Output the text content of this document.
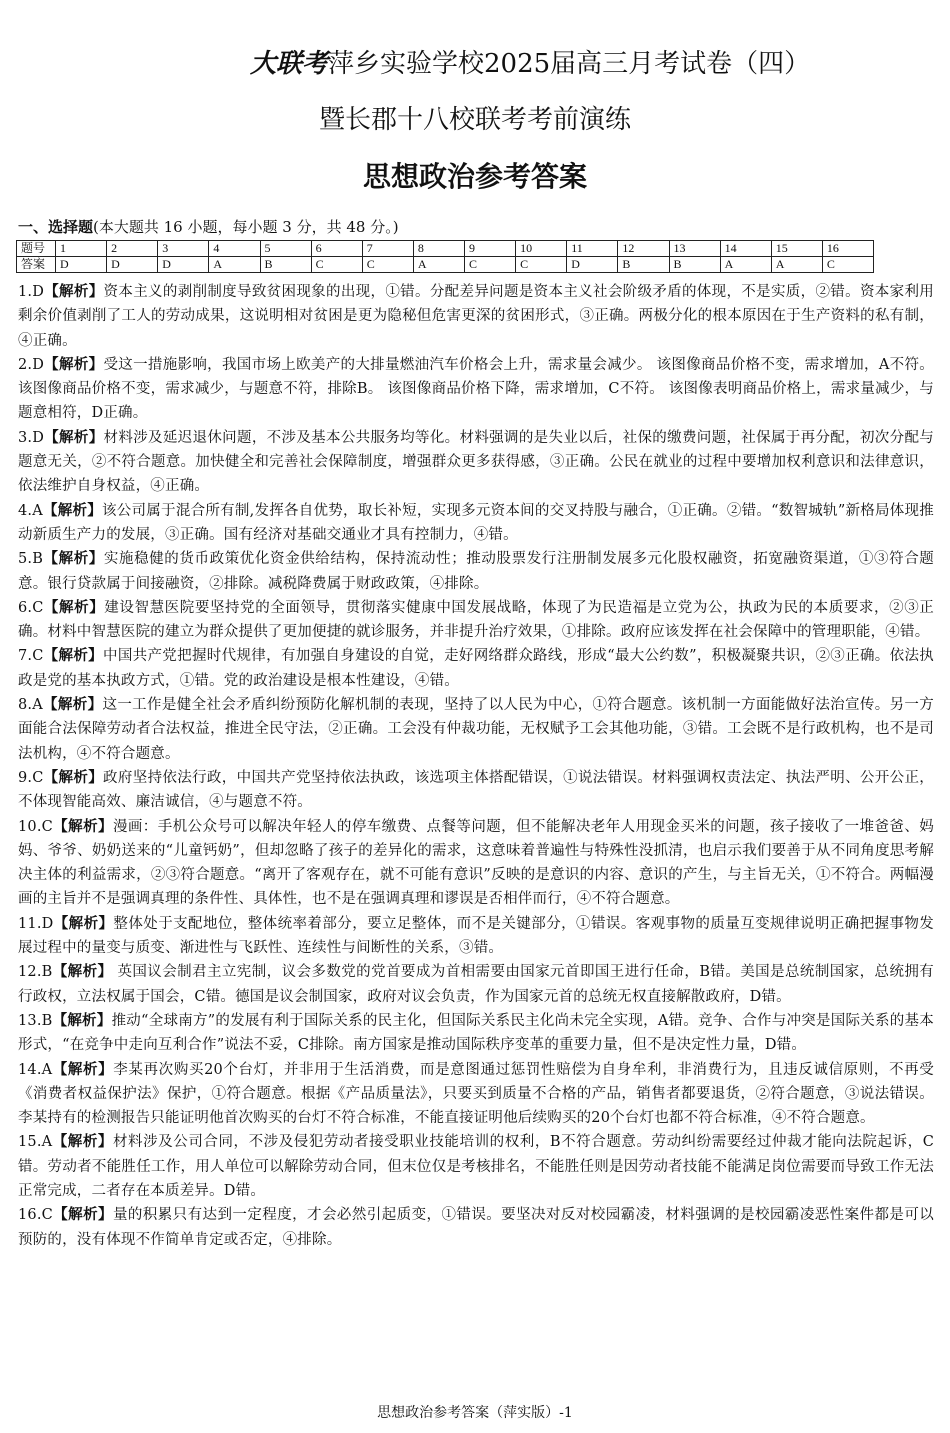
大联考萍乡实验学校2025届高三月考试卷（四）
暨长郡十八校联考考前演练
思想政治参考答案
一、选择题(本大题共 16 小题，每小题 3 分，共 48 分。)
题号	1	2	3	4	5	6	7	8	9	10	11	12	13	14	15	16
答案	D	D	D	A	B	C	C	A	C	C	D	B	B	A	A	C

1.D【解析】资本主义的剥削制度导致贫困现象的出现，①错。分配差异问题是资本主义社会阶级矛盾的体现，不是实质，②错。资本家利用剩余价值剥削了工人的劳动成果，这说明相对贫困是更为隐秘但危害更深的贫困形式，③正确。两极分化的根本原因在于生产资料的私有制，④正确。

2.D【解析】受这一措施影响，我国市场上欧美产的大排量燃油汽车价格会上升，需求量会减少。 该图像商品价格不变，需求增加，A不符。该图像商品价格不变，需求减少，与题意不符，排除B。 该图像商品价格下降，需求增加，C不符。 该图像表明商品价格上，需求量减少，与题意相符，D正确。

3.D【解析】材料涉及延迟退休问题，不涉及基本公共服务均等化。材料强调的是失业以后，社保的缴费问题，社保属于再分配，初次分配与题意无关，②不符合题意。加快健全和完善社会保障制度，增强群众更多获得感，③正确。公民在就业的过程中要增加权利意识和法律意识，依法维护自身权益，④正确。

4.A【解析】该公司属于混合所有制,发挥各自优势，取长补短，实现多元资本间的交叉持股与融合，①正确。②错。“数智城轨”新格局体现推动新质生产力的发展，③正确。国有经济对基础交通业才具有控制力，④错。

5.B【解析】实施稳健的货币政策优化资金供给结构，保持流动性；推动股票发行注册制发展多元化股权融资，拓宽融资渠道，①③符合题意。银行贷款属于间接融资，②排除。减税降费属于财政政策，④排除。

6.C【解析】建设智慧医院要坚持党的全面领导，贯彻落实健康中国发展战略，体现了为民造福是立党为公，执政为民的本质要求，②③正确。材料中智慧医院的建立为群众提供了更加便捷的就诊服务，并非提升治疗效果，①排除。政府应该发挥在社会保障中的管理职能，④错。

7.C【解析】中国共产党把握时代规律，有加强自身建设的自觉，走好网络群众路线，形成“最大公约数”，积极凝聚共识，②③正确。依法执政是党的基本执政方式，①错。党的政治建设是根本性建设，④错。

8.A【解析】这一工作是健全社会矛盾纠纷预防化解机制的表现，坚持了以人民为中心，①符合题意。该机制一方面能做好法治宣传。另一方面能合法保障劳动者合法权益，推进全民守法，②正确。工会没有仲裁功能，无权赋予工会其他功能，③错。工会既不是行政机构，也不是司法机构，④不符合题意。

9.C【解析】政府坚持依法行政，中国共产党坚持依法执政，该选项主体搭配错误，①说法错误。材料强调权责法定、执法严明、公开公正，不体现智能高效、廉洁诚信，④与题意不符。

10.C【解析】漫画：手机公众号可以解决年轻人的停车缴费、点餐等问题，但不能解决老年人用现金买米的问题，孩子接收了一堆爸爸、妈妈、爷爷、奶奶送来的“儿童钙奶”，但却忽略了孩子的差异化的需求，这意味着普遍性与特殊性没抓清，也启示我们要善于从不同角度思考解决主体的利益需求，②③符合题意。“离开了客观存在，就不可能有意识”反映的是意识的内容、意识的产生，与主旨无关，①不符合。两幅漫画的主旨并不是强调真理的条件性、具体性，也不是在强调真理和谬误是否相伴而行，④不符合题意。

11.D【解析】整体处于支配地位，整体统率着部分，要立足整体，而不是关键部分，①错误。客观事物的质量互变规律说明正确把握事物发展过程中的量变与质变、渐进性与飞跃性、连续性与间断性的关系，③错。

12.B【解析】 英国议会制君主立宪制，议会多数党的党首要成为首相需要由国家元首即国王进行任命，B错。美国是总统制国家，总统拥有行政权，立法权属于国会，C错。德国是议会制国家，政府对议会负责，作为国家元首的总统无权直接解散政府，D错。

13.B【解析】推动“全球南方”的发展有利于国际关系的民主化，但国际关系民主化尚未完全实现，A错。竞争、合作与冲突是国际关系的基本形式，“在竞争中走向互利合作”说法不妥，C排除。南方国家是推动国际秩序变革的重要力量，但不是决定性力量，D错。

14.A【解析】李某再次购买20个台灯，并非用于生活消费，而是意图通过惩罚性赔偿为自身牟利，非消费行为，且违反诚信原则，不再受《消费者权益保护法》保护，①符合题意。根据《产品质量法》，只要买到质量不合格的产品，销售者都要退货，②符合题意，③说法错误。李某持有的检测报告只能证明他首次购买的台灯不符合标准，不能直接证明他后续购买的20个台灯也都不符合标准，④不符合题意。

15.A【解析】材料涉及公司合同，不涉及侵犯劳动者接受职业技能培训的权利，B不符合题意。劳动纠纷需要经过仲裁才能向法院起诉，C错。劳动者不能胜任工作，用人单位可以解除劳动合同，但末位仅是考核排名，不能胜任则是因劳动者技能不能满足岗位需要而导致工作无法正常完成，二者存在本质差异。D错。

16.C【解析】量的积累只有达到一定程度，才会必然引起质变，①错误。要坚决对反对校园霸凌，材料强调的是校园霸凌恶性案件都是可以预防的，没有体现不作简单肯定或否定，④排除。

思想政治参考答案（萍实版）-1
